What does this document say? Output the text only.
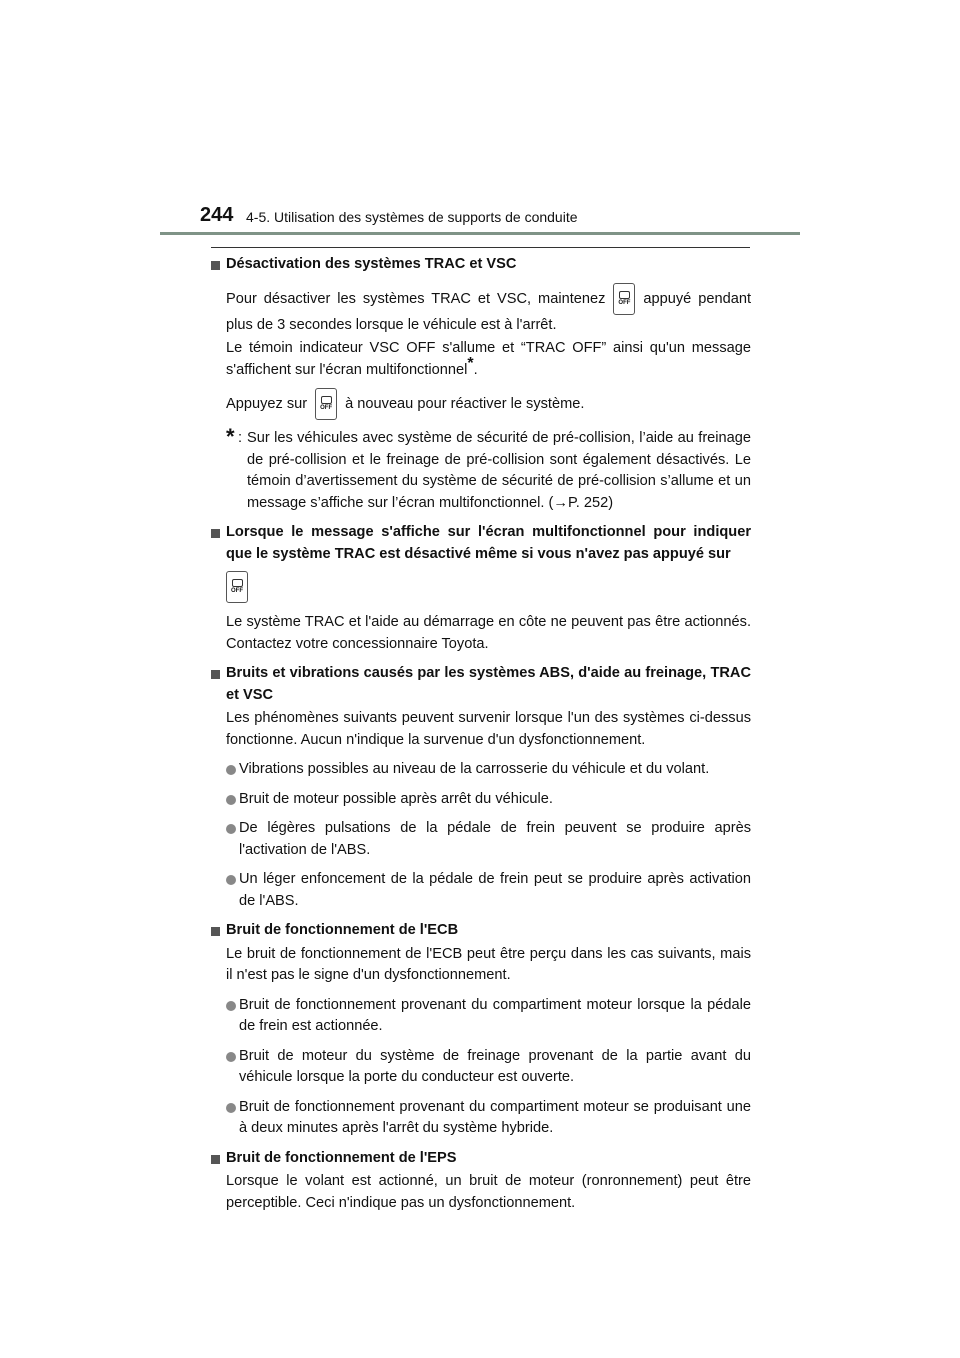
244 4-5. Utilisation des systèmes de supports de conduite
Désactivation des systèmes TRAC et VSC
Pour désactiver les systèmes TRAC et VSC, maintenez OFF appuyé pendant plus de 3 secondes lorsque le véhicule est à l'arrêt.
Le témoin indicateur VSC OFF s'allume et “TRAC OFF” ainsi qu'un message s'affichent sur l'écran multifonctionnel*.
Appuyez sur OFF à nouveau pour réactiver le système.
* : Sur les véhicules avec système de sécurité de pré-collision, l’aide au freinage de pré-collision et le freinage de pré-collision sont également désactivés. Le témoin d’avertissement du système de sécurité de pré-collision s’allume et un message s’affiche sur l’écran multifonctionnel. (→P. 252)
Lorsque le message s'affiche sur l'écran multifonctionnel pour indiquer que le système TRAC est désactivé même si vous n'avez pas appuyé sur
OFF
Le système TRAC et l'aide au démarrage en côte ne peuvent pas être actionnés. Contactez votre concessionnaire Toyota.
Bruits et vibrations causés par les systèmes ABS, d'aide au freinage, TRAC et VSC
Les phénomènes suivants peuvent survenir lorsque l'un des systèmes ci-dessus fonctionne. Aucun n'indique la survenue d'un dysfonctionnement.
Vibrations possibles au niveau de la carrosserie du véhicule et du volant.
Bruit de moteur possible après arrêt du véhicule.
De légères pulsations de la pédale de frein peuvent se produire après l'activation de l'ABS.
Un léger enfoncement de la pédale de frein peut se produire après activation de l'ABS.
Bruit de fonctionnement de l'ECB
Le bruit de fonctionnement de l'ECB peut être perçu dans les cas suivants, mais il n'est pas le signe d'un dysfonctionnement.
Bruit de fonctionnement provenant du compartiment moteur lorsque la pédale de frein est actionnée.
Bruit de moteur du système de freinage provenant de la partie avant du véhicule lorsque la porte du conducteur est ouverte.
Bruit de fonctionnement provenant du compartiment moteur se produisant une à deux minutes après l'arrêt du système hybride.
Bruit de fonctionnement de l'EPS
Lorsque le volant est actionné, un bruit de moteur (ronronnement) peut être perceptible. Ceci n'indique pas un dysfonctionnement.
